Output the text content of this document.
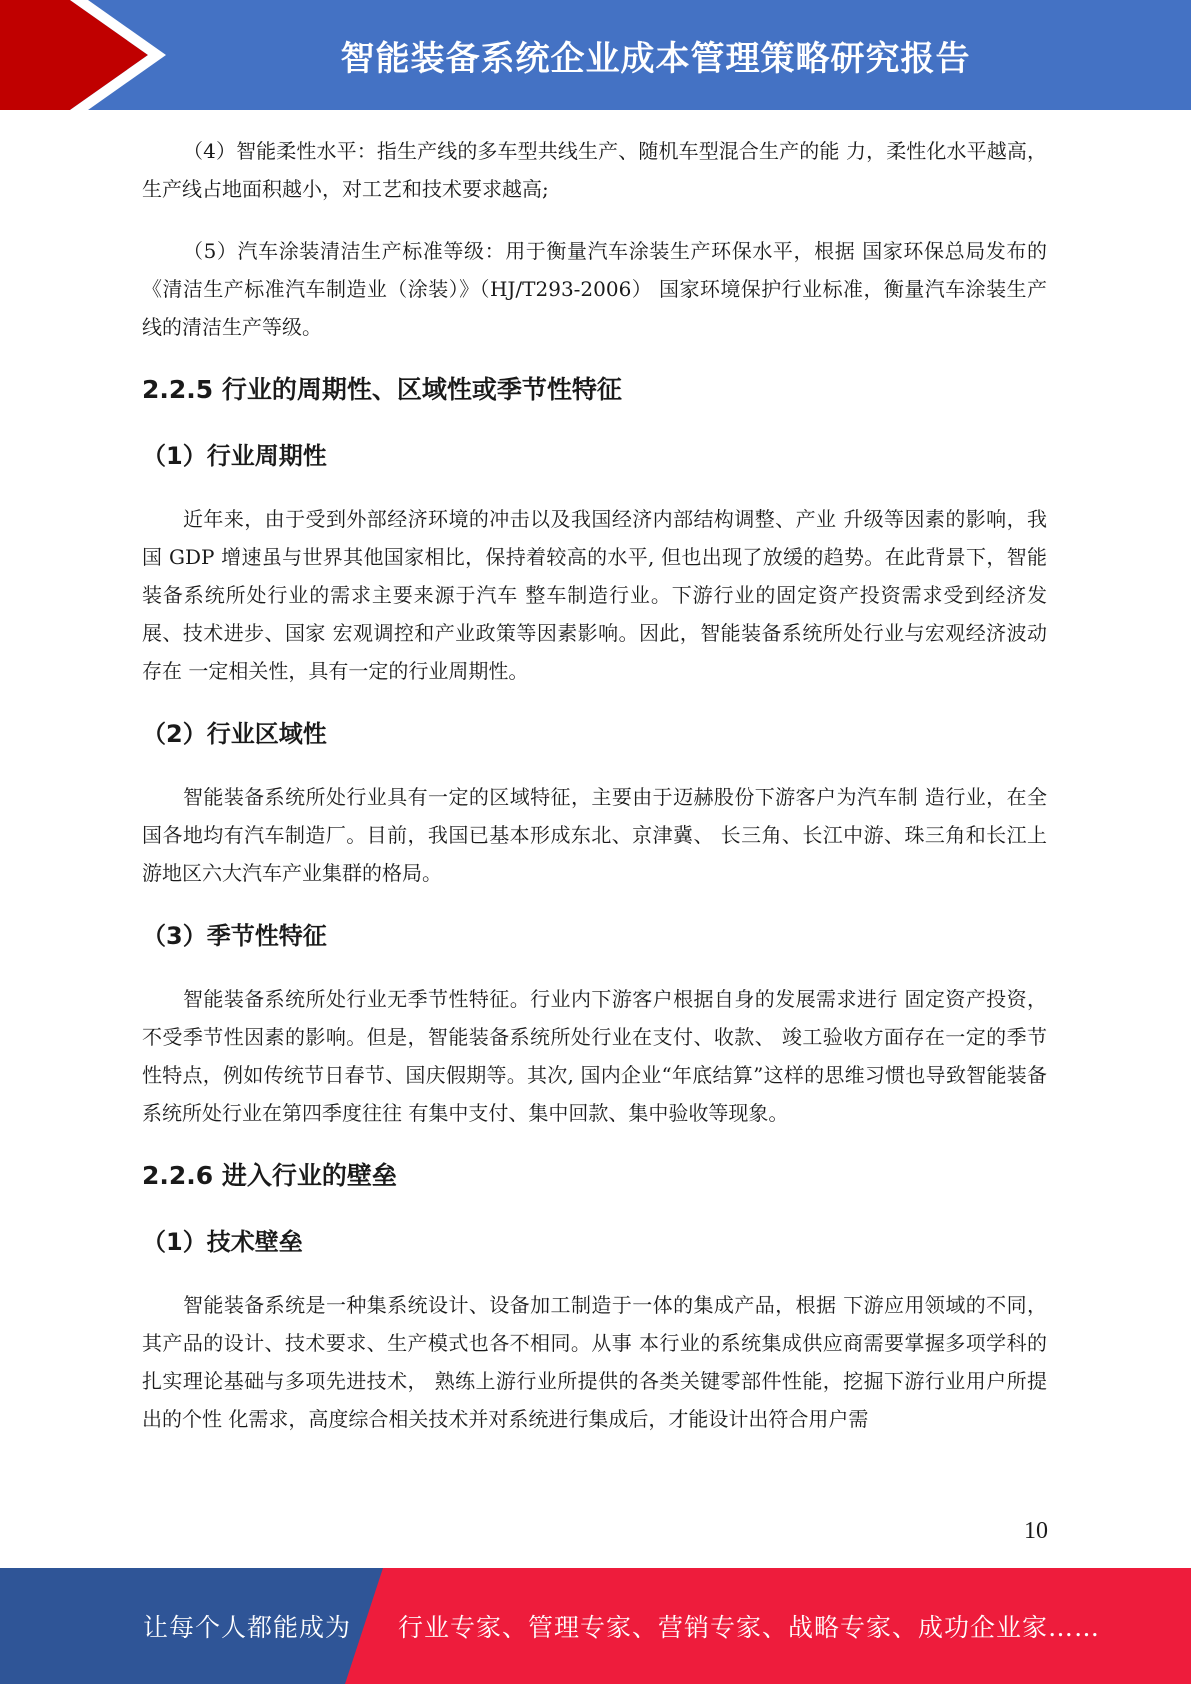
智能装备系统企业成本管理策略研究报告

（4）智能柔性水平：指生产线的多车型共线生产、随机车型混合生产的能 力，柔性化水平越高，生产线占地面积越小，对工艺和技术要求越高;

（5）汽车涂装清洁生产标准等级：用于衡量汽车涂装生产环保水平，根据 国家环保总局发布的《清洁生产标准汽车制造业（涂装）》（HJ/T293-2006） 国家环境保护行业标准，衡量汽车涂装生产线的清洁生产等级。

2.2.5 行业的周期性、区域性或季节性特征
（1）行业周期性

近年来，由于受到外部经济环境的冲击以及我国经济内部结构调整、产业 升级等因素的影响，我国 GDP 增速虽与世界其他国家相比，保持着较高的水平, 但也出现了放缓的趋势。在此背景下，智能装备系统所处行业的需求主要来源于汽车 整车制造行业。下游行业的固定资产投资需求受到经济发展、技术进步、国家 宏观调控和产业政策等因素影响。因此，智能装备系统所处行业与宏观经济波动存在 一定相关性，具有一定的行业周期性。

（2）行业区域性

智能装备系统所处行业具有一定的区域特征，主要由于迈赫股份下游客户为汽车制 造行业，在全国各地均有汽车制造厂。目前，我国已基本形成东北、京津冀、 长三角、长江中游、珠三角和长江上游地区六大汽车产业集群的格局。

（3）季节性特征

智能装备系统所处行业无季节性特征。行业内下游客户根据自身的发展需求进行 固定资产投资，不受季节性因素的影响。但是，智能装备系统所处行业在支付、收款、 竣工验收方面存在一定的季节性特点，例如传统节日春节、国庆假期等。其次, 国内企业“年底结算”这样的思维习惯也导致智能装备系统所处行业在第四季度往往 有集中支付、集中回款、集中验收等现象。

2.2.6 进入行业的壁垒
（1）技术壁垒

智能装备系统是一种集系统设计、设备加工制造于一体的集成产品，根据 下游应用领域的不同，其产品的设计、技术要求、生产模式也各不相同。从事 本行业的系统集成供应商需要掌握多项学科的扎实理论基础与多项先进技术， 熟练上游行业所提供的各类关键零部件性能，挖掘下游行业用户所提出的个性 化需求，高度综合相关技术并对系统进行集成后，才能设计出符合用户需

10
让每个人都能成为 行业专家、管理专家、营销专家、战略专家、成功企业家……
